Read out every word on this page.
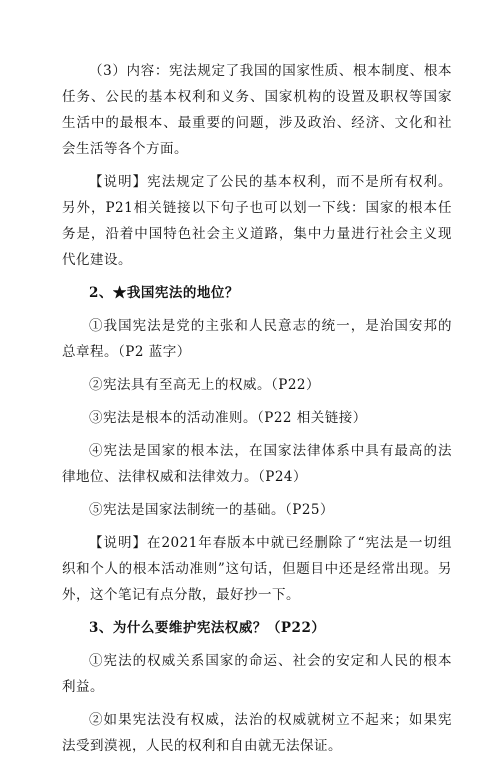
（3）内容：宪法规定了我国的国家性质、根本制度、根本任务、公民的基本权利和义务、国家机构的设置及职权等国家生活中的最根本、最重要的问题，涉及政治、经济、文化和社会生活等各个方面。

【说明】宪法规定了公民的基本权利，而不是所有权利。另外，P21相关链接以下句子也可以划一下线：国家的根本任务是，沿着中国特色社会主义道路，集中力量进行社会主义现代化建设。

2、★我国宪法的地位？

①我国宪法是党的主张和人民意志的统一，是治国安邦的总章程。（P2 蓝字）

②宪法具有至高无上的权威。（P22）

③宪法是根本的活动准则。（P22 相关链接）

④宪法是国家的根本法，在国家法律体系中具有最高的法律地位、法律权威和法律效力。（P24）

⑤宪法是国家法制统一的基础。（P25）

【说明】在2021年春版本中就已经删除了“宪法是一切组织和个人的根本活动准则”这句话，但题目中还是经常出现。另外，这个笔记有点分散，最好抄一下。

3、为什么要维护宪法权威？（P22）

①宪法的权威关系国家的命运、社会的安定和人民的根本利益。

②如果宪法没有权威，法治的权威就树立不起来；如果宪法受到漠视，人民的权利和自由就无法保证。
